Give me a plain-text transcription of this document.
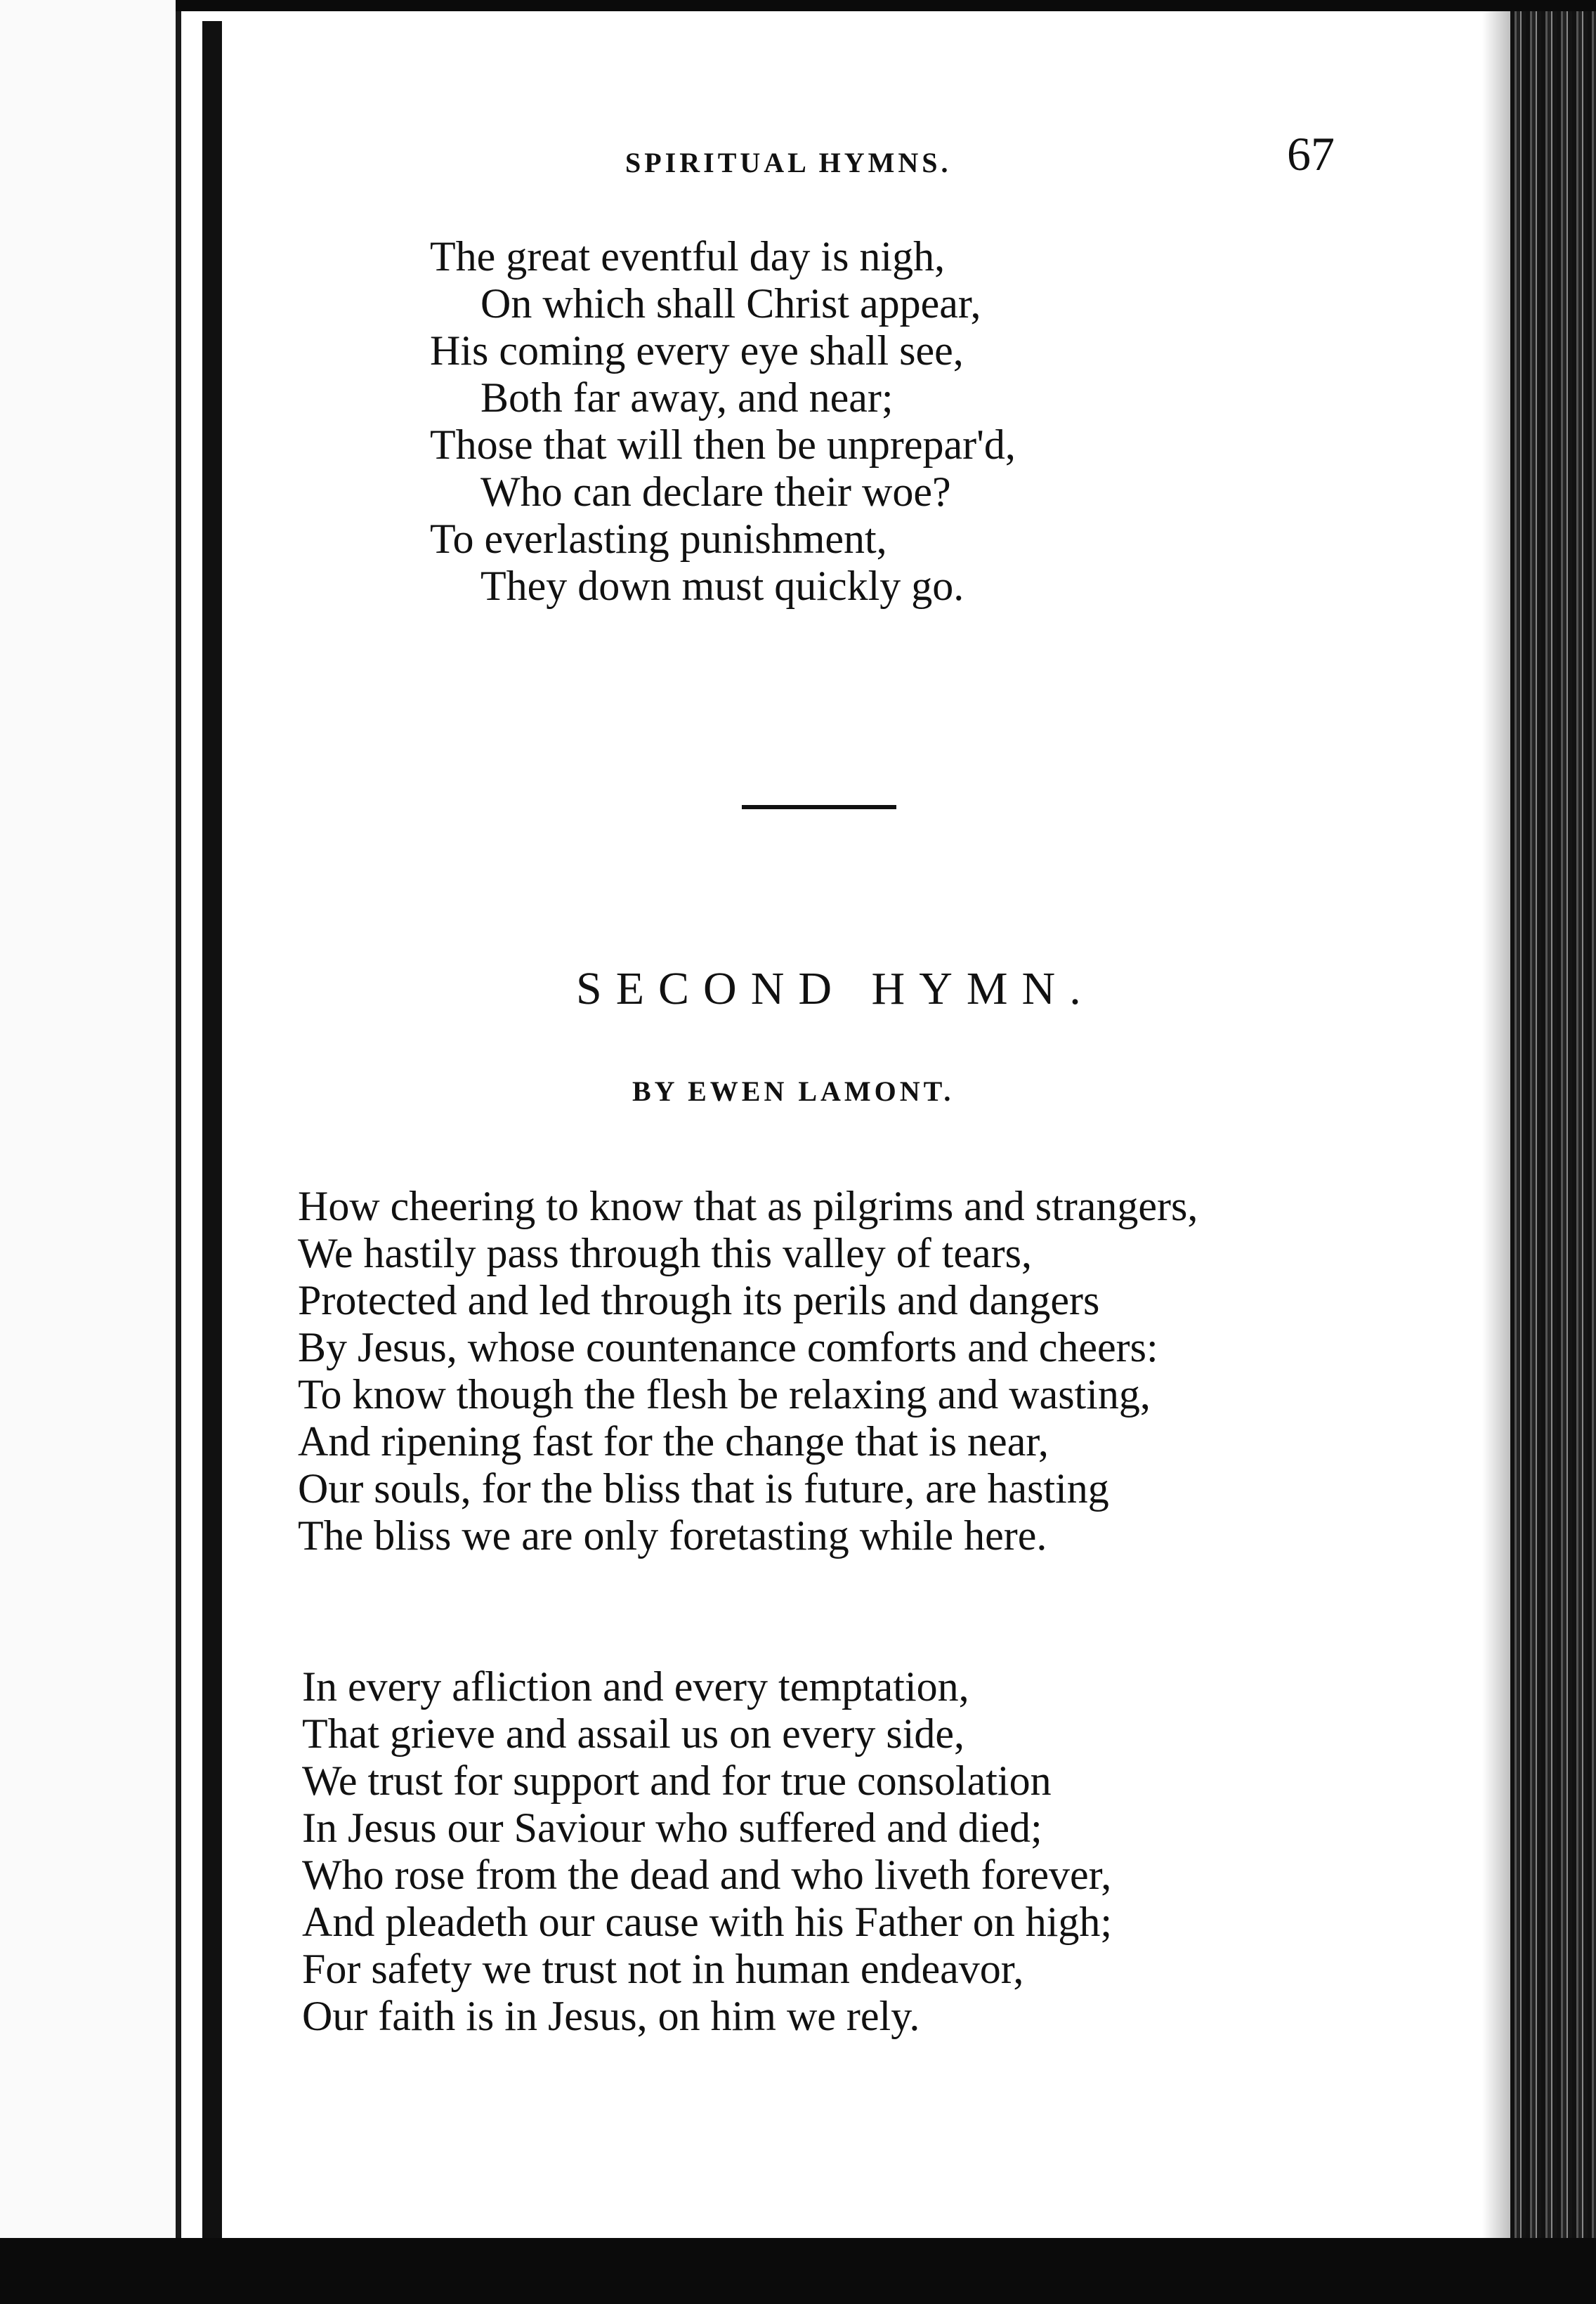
SPIRITUAL HYMNS.	67
The great eventful day is nigh,
On which shall Christ appear,
His coming every eye shall see,
Both far away, and near;
Those that will then be unprepar'd,
Who can declare their woe?
To everlasting punishment,
They down must quickly go.
SECOND HYMN.
BY EWEN LAMONT.
How cheering to know that as pilgrims and strangers,
We hastily pass through this valley of tears,
Protected and led through its perils and dangers
By Jesus, whose countenance comforts and cheers:
To know though the flesh be relaxing and wasting,
And ripening fast for the change that is near,
Our souls, for the bliss that is future, are hasting
The bliss we are only foretasting while here.
In every afliction and every temptation,
That grieve and assail us on every side,
We trust for support and for true consolation
In Jesus our Saviour who suffered and died;
Who rose from the dead and who liveth forever,
And pleadeth our cause with his Father on high;
For safety we trust not in human endeavor,
Our faith is in Jesus, on him we rely.
